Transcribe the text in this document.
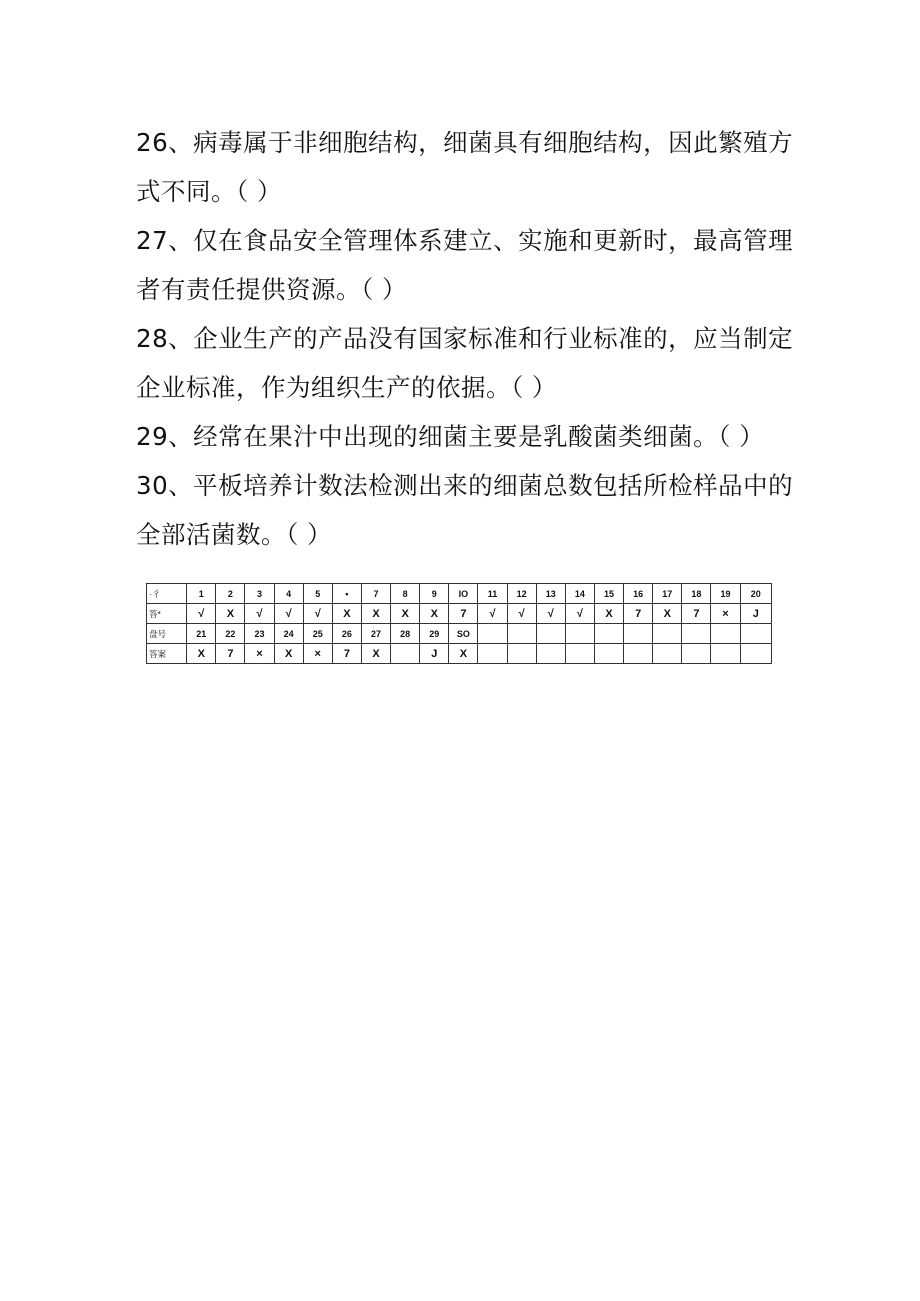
26、病毒属于非细胞结构，细菌具有细胞结构，因此繁殖方

式不同。（ ）

27、仅在食品安全管理体系建立、实施和更新时，最高管理

者有责任提供资源。（ ）

28、企业生产的产品没有国家标准和行业标准的，应当制定

企业标准，作为组织生产的依据。（ ）

29、经常在果汁中出现的细菌主要是乳酸菌类细菌。（ ）

30、平板培养计数法检测出来的细菌总数包括所检样品中的

全部活菌数。（ ）

·彳	1	2	3	4	5	•	7	8	9	IO	11	12	13	14	15	16	17	18	19	20
答*	√	X	√	√	√	X	X	X	X	7	√	√	√	√	X	7	X	7	×	J
盘号	21	22	23	24	25	26	27	28	29	SO										
答案	X	7	×	X	×	7	X		J	X										
